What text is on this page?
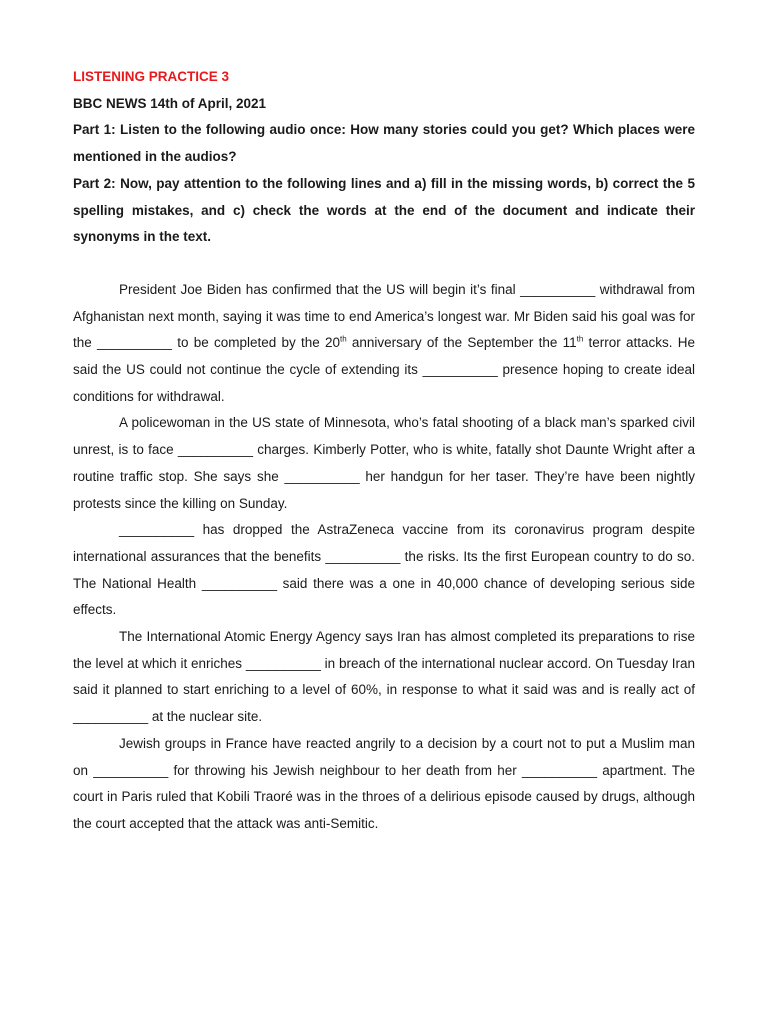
LISTENING PRACTICE 3

BBC NEWS 14th of April, 2021

Part 1: Listen to the following audio once: How many stories could you get? Which places were mentioned in the audios?

Part 2: Now, pay attention to the following lines and a) fill in the missing words, b) correct the 5 spelling mistakes, and c) check the words at the end of the document and indicate their synonyms in the text.

President Joe Biden has confirmed that the US will begin it’s final __________ withdrawal from Afghanistan next month, saying it was time to end America’s longest war. Mr Biden said his goal was for the __________ to be completed by the 20th anniversary of the September the 11th terror attacks. He said the US could not continue the cycle of extending its __________ presence hoping to create ideal conditions for withdrawal.

A policewoman in the US state of Minnesota, who’s fatal shooting of a black man’s sparked civil unrest, is to face __________ charges. Kimberly Potter, who is white, fatally shot Daunte Wright after a routine traffic stop. She says she __________ her handgun for her taser. They’re have been nightly protests since the killing on Sunday.

__________ has dropped the AstraZeneca vaccine from its coronavirus program despite international assurances that the benefits __________ the risks. Its the first European country to do so. The National Health __________ said there was a one in 40,000 chance of developing serious side effects.

The International Atomic Energy Agency says Iran has almost completed its preparations to rise the level at which it enriches __________ in breach of the international nuclear accord. On Tuesday Iran said it planned to start enriching to a level of 60%, in response to what it said was and is really act of __________ at the nuclear site.

Jewish groups in France have reacted angrily to a decision by a court not to put a Muslim man on __________ for throwing his Jewish neighbour to her death from her __________ apartment. The court in Paris ruled that Kobili Traoré was in the throes of a delirious episode caused by drugs, although the court accepted that the attack was anti-Semitic.
